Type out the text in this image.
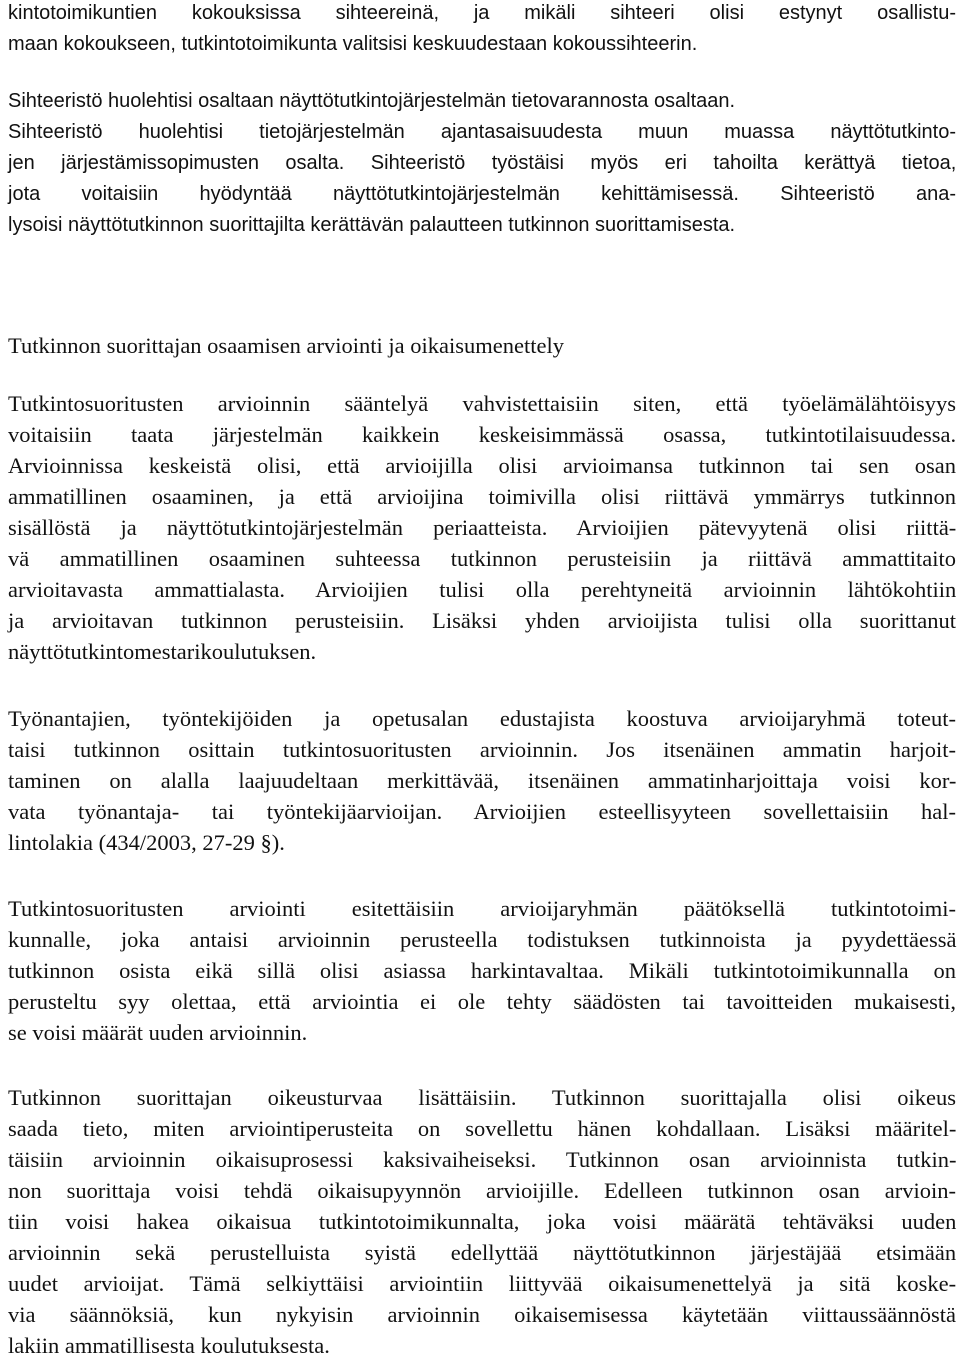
kintotoimikuntien kokouksissa sihteereinä, ja mikäli sihteeri olisi estynyt osallistu-
maan kokoukseen, tutkintotoimikunta valitsisi keskuudestaan kokoussihteerin.
Sihteeristö huolehtisi osaltaan näyttötutkintojärjestelmän tietovarannosta osaltaan.
Sihteeristö huolehtisi tietojärjestelmän ajantasaisuudesta muun muassa näyttötutkinto-
jen järjestämissopimusten osalta. Sihteeristö työstäisi myös eri tahoilta kerättyä tietoa,
jota voitaisiin hyödyntää näyttötutkintojärjestelmän kehittämisessä. Sihteeristö ana-
lysoisi näyttötutkinnon suorittajilta kerättävän palautteen tutkinnon suorittamisesta.
Tutkinnon suorittajan osaamisen arviointi ja oikaisumenettely
Tutkintosuoritusten arvioinnin sääntelyä vahvistettaisiin siten, että työelämälähtöisyys
voitaisiin taata järjestelmän kaikkein keskeisimmässä osassa, tutkintotilaisuudessa.
Arvioinnissa keskeistä olisi, että arvioijilla olisi arvioimansa tutkinnon tai sen osan
ammatillinen osaaminen, ja että arvioijina toimivilla olisi riittävä ymmärrys tutkinnon
sisällöstä ja näyttötutkintojärjestelmän periaatteista. Arvioijien pätevyytenä olisi riittä-
vä ammatillinen osaaminen suhteessa tutkinnon perusteisiin ja riittävä ammattitaito
arvioitavasta ammattialasta. Arvioijien tulisi olla perehtyneitä arvioinnin lähtökohtiin
ja arvioitavan tutkinnon perusteisiin. Lisäksi yhden arvioijista tulisi olla suorittanut
näyttötutkintomestarikoulutuksen.
Työnantajien, työntekijöiden ja opetusalan edustajista koostuva arvioijaryhmä toteut-
taisi tutkinnon osittain tutkintosuoritusten arvioinnin. Jos itsenäinen ammatin harjoit-
taminen on alalla laajuudeltaan merkittävää, itsenäinen ammatinharjoittaja voisi kor-
vata työnantaja- tai työntekijäarvioijan. Arvioijien esteellisyyteen sovellettaisiin hal-
lintolakia (434/2003, 27-29 §).
Tutkintosuoritusten arviointi esitettäisiin arvioijaryhmän päätöksellä tutkintotoimi-
kunnalle, joka antaisi arvioinnin perusteella todistuksen tutkinnoista ja pyydettäessä
tutkinnon osista eikä sillä olisi asiassa harkintavaltaa. Mikäli tutkintotoimikunnalla on
perusteltu syy olettaa, että arviointia ei ole tehty säädösten tai tavoitteiden mukaisesti,
se voisi määrät uuden arvioinnin.
Tutkinnon suorittajan oikeusturvaa lisättäisiin. Tutkinnon suorittajalla olisi oikeus
saada tieto, miten arviointiperusteita on sovellettu hänen kohdallaan. Lisäksi määritel-
täisiin arvioinnin oikaisuprosessi kaksivaiheiseksi. Tutkinnon osan arvioinnista tutkin-
non suorittaja voisi tehdä oikaisupyynnön arvioijille. Edelleen tutkinnon osan arvioin-
tiin voisi hakea oikaisua tutkintotoimikunnalta, joka voisi määrätä tehtäväksi uuden
arvioinnin sekä perustelluista syistä edellyttää näyttötutkinnon järjestäjää etsimään
uudet arvioijat. Tämä selkiyttäisi arviointiin liittyvää oikaisumenettelyä ja sitä koske-
via säännöksiä, kun nykyisin arvioinnin oikaisemisessa käytetään viittaussäännöstä
lakiin ammatillisesta koulutuksesta.
